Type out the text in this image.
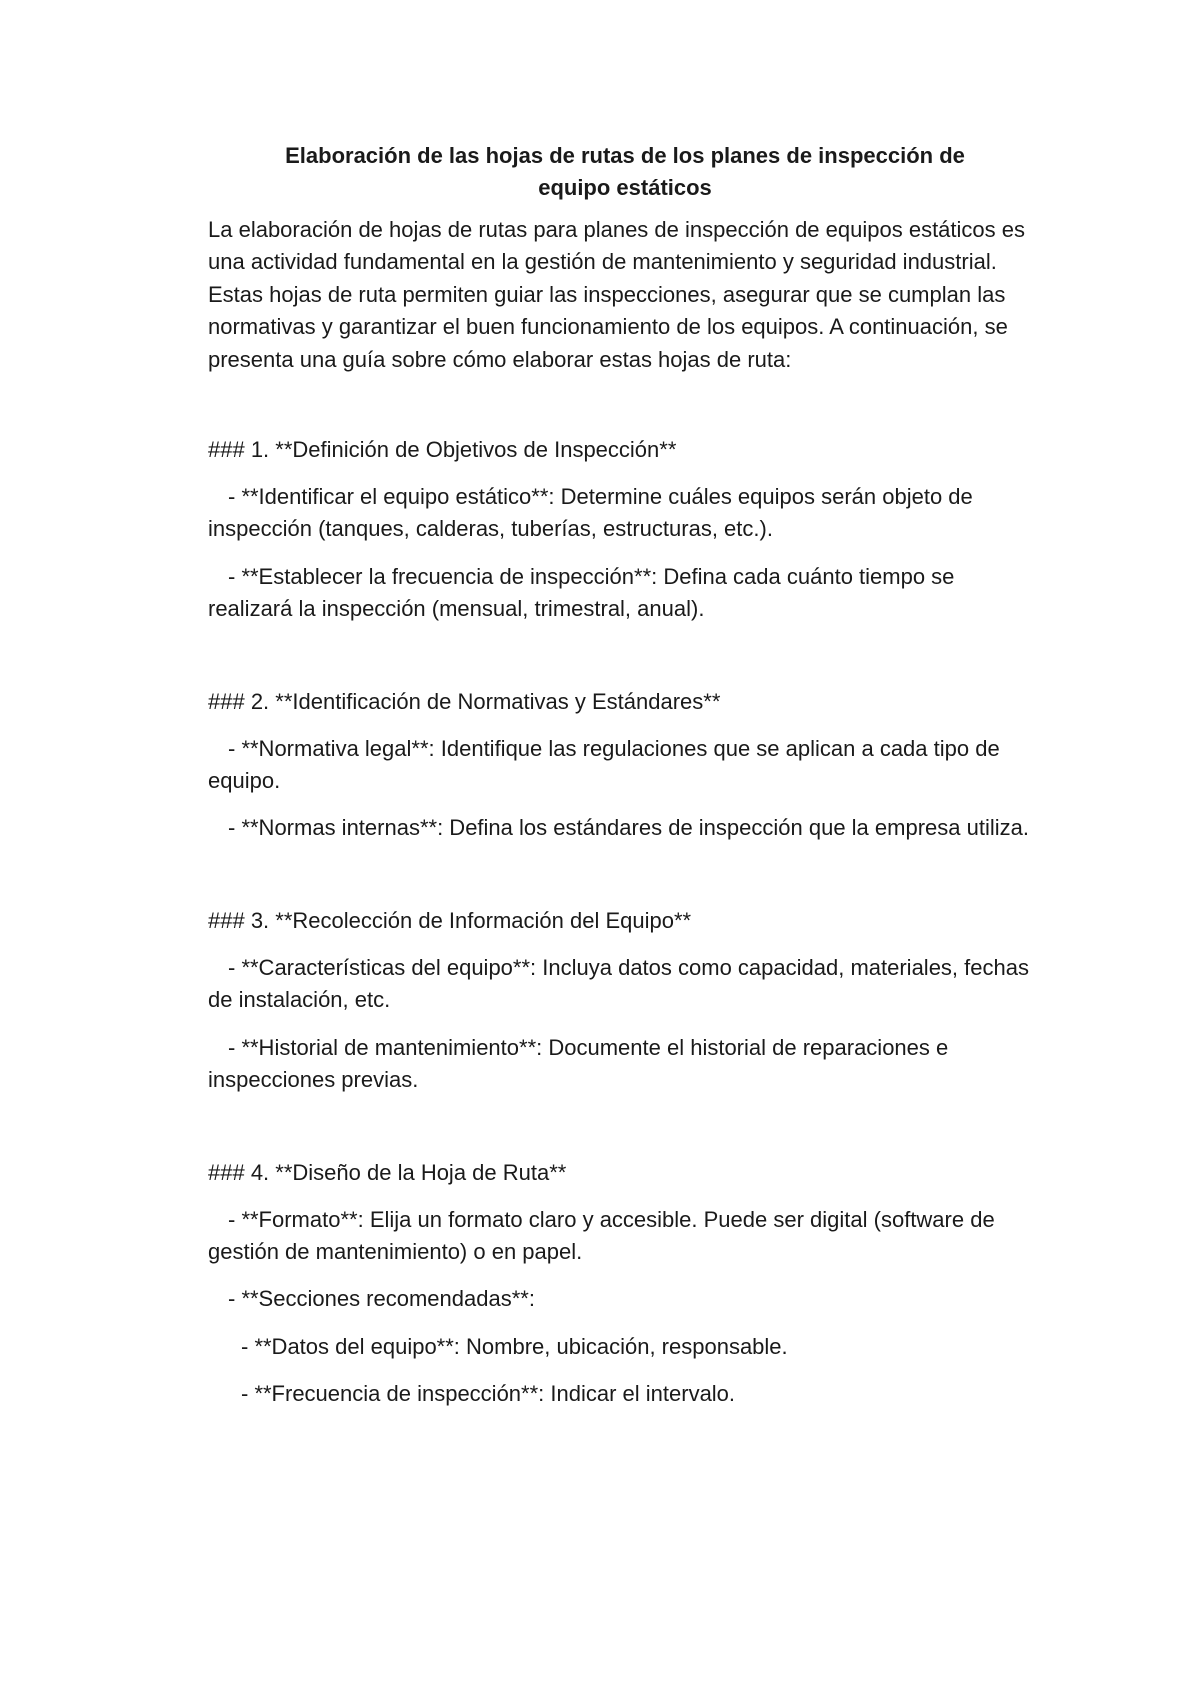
Elaboración de las hojas de rutas de los planes de inspección de
equipo estáticos

La elaboración de hojas de rutas para planes de inspección de equipos estáticos es una actividad fundamental en la gestión de mantenimiento y seguridad industrial. Estas hojas de ruta permiten guiar las inspecciones, asegurar que se cumplan las normativas y garantizar el buen funcionamiento de los equipos. A continuación, se presenta una guía sobre cómo elaborar estas hojas de ruta:

### 1. **Definición de Objetivos de Inspección**

- **Identificar el equipo estático**: Determine cuáles equipos serán objeto de inspección (tanques, calderas, tuberías, estructuras, etc.).

- **Establecer la frecuencia de inspección**: Defina cada cuánto tiempo se realizará la inspección (mensual, trimestral, anual).

### 2. **Identificación de Normativas y Estándares**

- **Normativa legal**: Identifique las regulaciones que se aplican a cada tipo de equipo.

- **Normas internas**: Defina los estándares de inspección que la empresa utiliza.

### 3. **Recolección de Información del Equipo**

- **Características del equipo**: Incluya datos como capacidad, materiales, fechas de instalación, etc.

- **Historial de mantenimiento**: Documente el historial de reparaciones e inspecciones previas.

### 4. **Diseño de la Hoja de Ruta**

- **Formato**: Elija un formato claro y accesible. Puede ser digital (software de gestión de mantenimiento) o en papel.

- **Secciones recomendadas**:

- **Datos del equipo**: Nombre, ubicación, responsable.

- **Frecuencia de inspección**: Indicar el intervalo.
